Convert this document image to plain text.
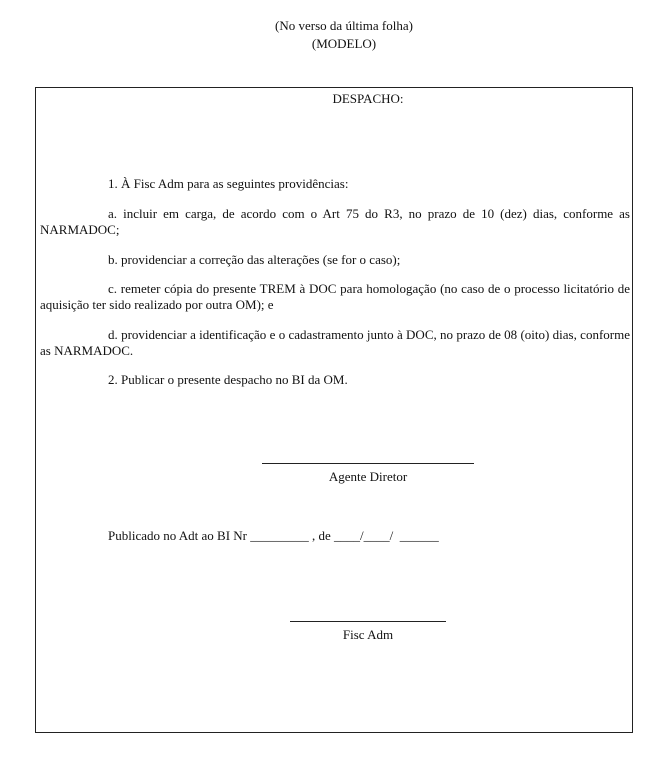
(No verso da última folha)
(MODELO)
DESPACHO:
1. À Fisc Adm para as seguintes providências:
a. incluir em carga, de acordo com o Art 75 do R3, no prazo de 10 (dez) dias, conforme as NARMADOC;
b. providenciar a correção das alterações (se for o caso);
c. remeter cópia do presente TREM à DOC para homologação (no caso de o processo licitatório de aquisição ter sido realizado por outra OM); e
d. providenciar a identificação e o cadastramento junto à DOC, no prazo de 08 (oito) dias, conforme as NARMADOC.
2. Publicar o presente despacho no BI da OM.
Agente Diretor
Publicado no Adt ao BI Nr _________ , de ____/____/  ______
Fisc Adm
